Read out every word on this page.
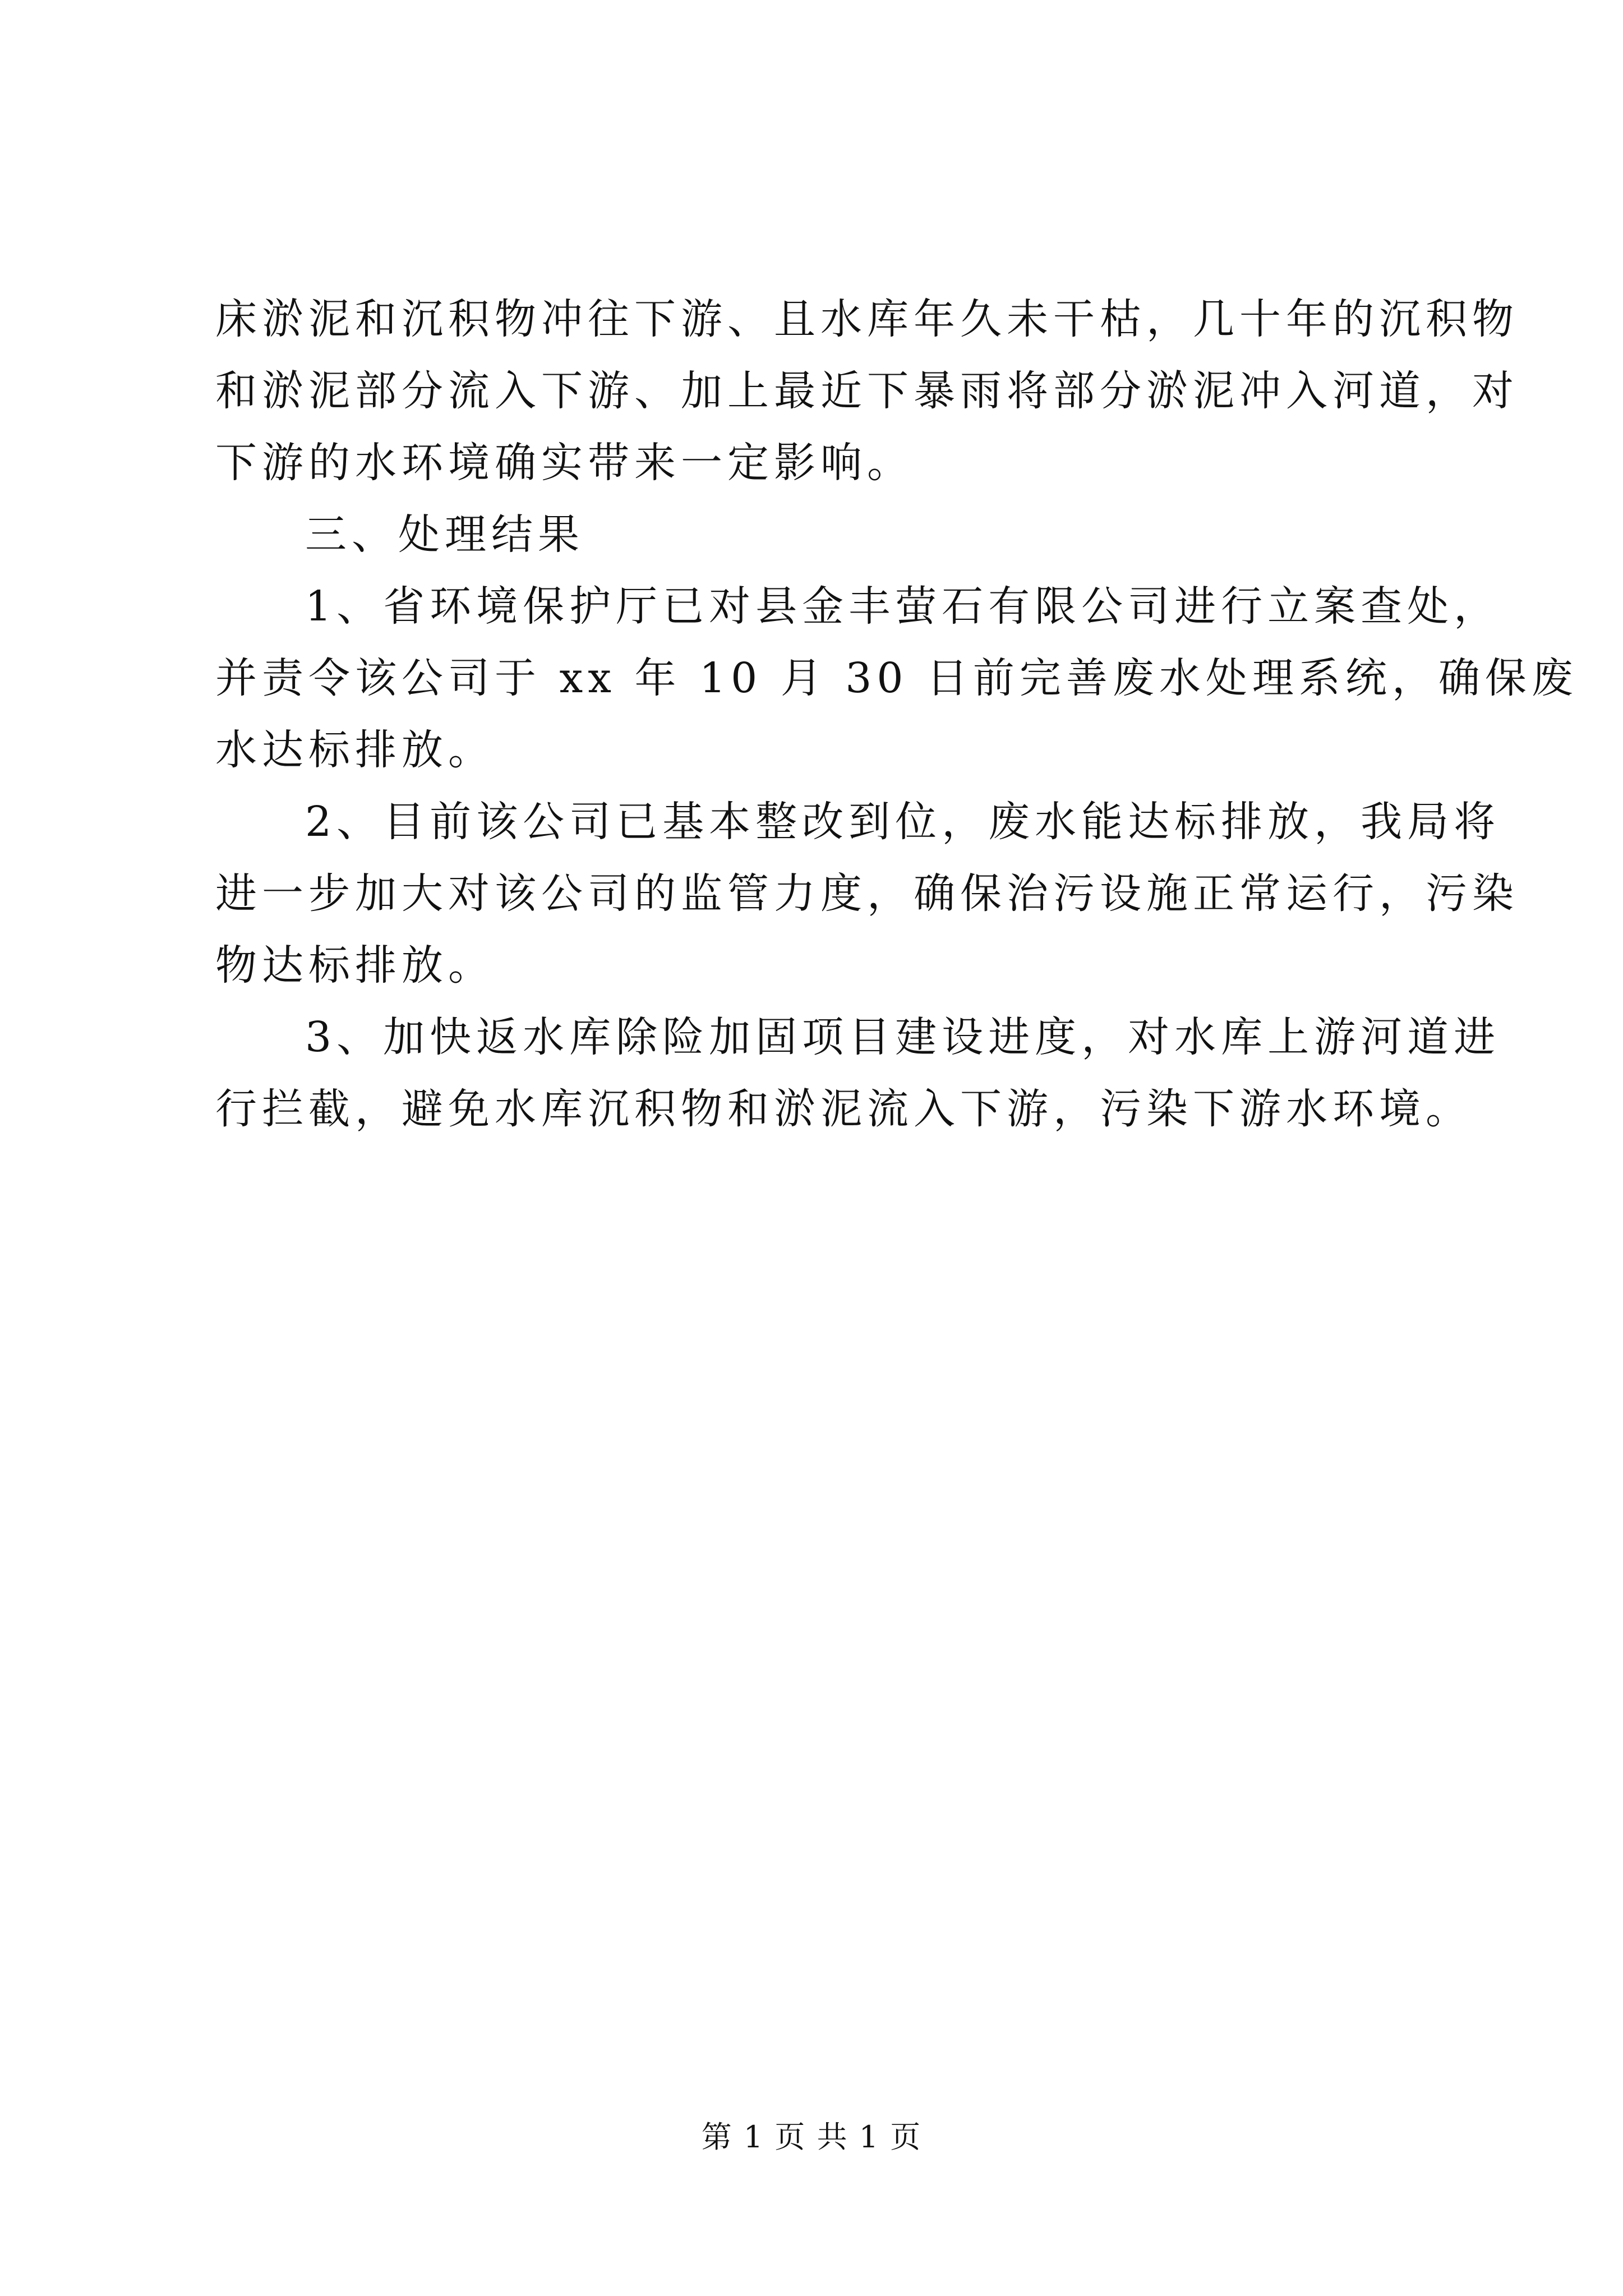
床淤泥和沉积物冲往下游、且水库年久未干枯，几十年的沉积物
和淤泥部分流入下游、加上最近下暴雨将部分淤泥冲入河道，对
下游的水环境确实带来一定影响。
三、处理结果
1、省环境保护厅已对县金丰萤石有限公司进行立案查处，
并责令该公司于 xx 年 10 月 30 日前完善废水处理系统，确保废
水达标排放。
2、目前该公司已基本整改到位，废水能达标排放，我局将
进一步加大对该公司的监管力度，确保治污设施正常运行，污染
物达标排放。
3、加快返水库除险加固项目建设进度，对水库上游河道进
行拦截，避免水库沉积物和淤泥流入下游，污染下游水环境。
第 1 页 共 1 页
